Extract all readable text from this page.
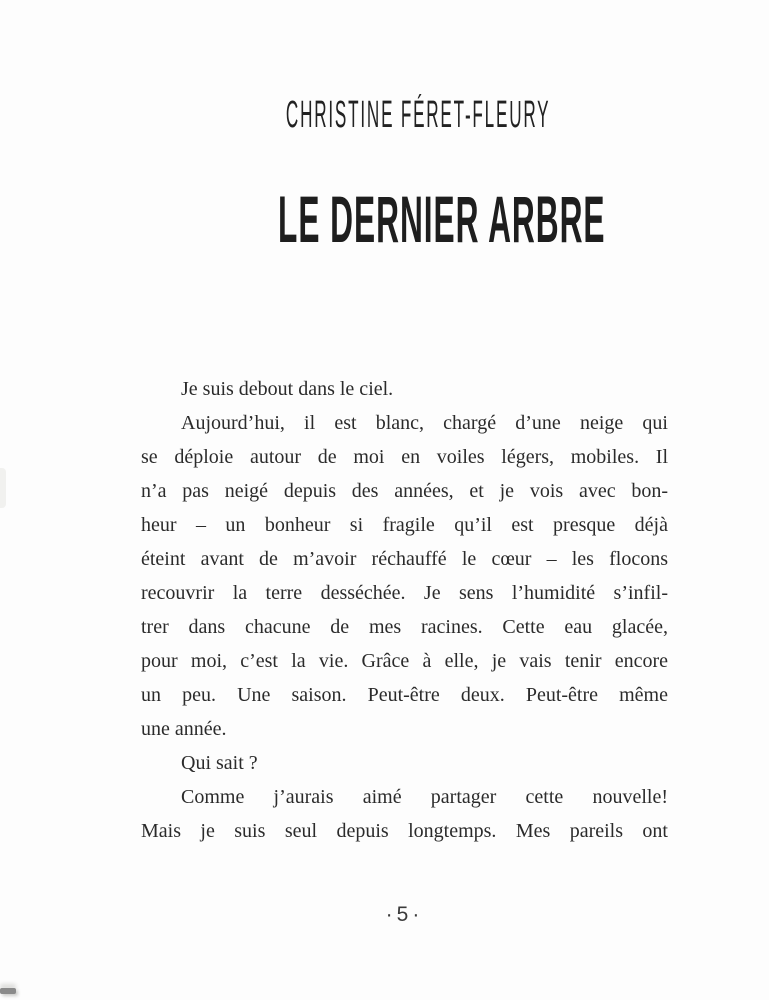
CHRISTINE FÉRET-FLEURY
LE DERNIER ARBRE
Je suis debout dans le ciel.
Aujourd’hui, il est blanc, chargé d’une neige qui
se déploie autour de moi en voiles légers, mobiles. Il
n’a pas neigé depuis des années, et je vois avec bon-
heur – un bonheur si fragile qu’il est presque déjà
éteint avant de m’avoir réchauffé le cœur – les flocons
recouvrir la terre desséchée. Je sens l’humidité s’infil-
trer dans chacune de mes racines. Cette eau glacée,
pour moi, c’est la vie. Grâce à elle, je vais tenir encore
un peu. Une saison. Peut-être deux. Peut-être même
une année.
Qui sait ?
Comme j’aurais aimé partager cette nouvelle!
Mais je suis seul depuis longtemps. Mes pareils ont
·5·
